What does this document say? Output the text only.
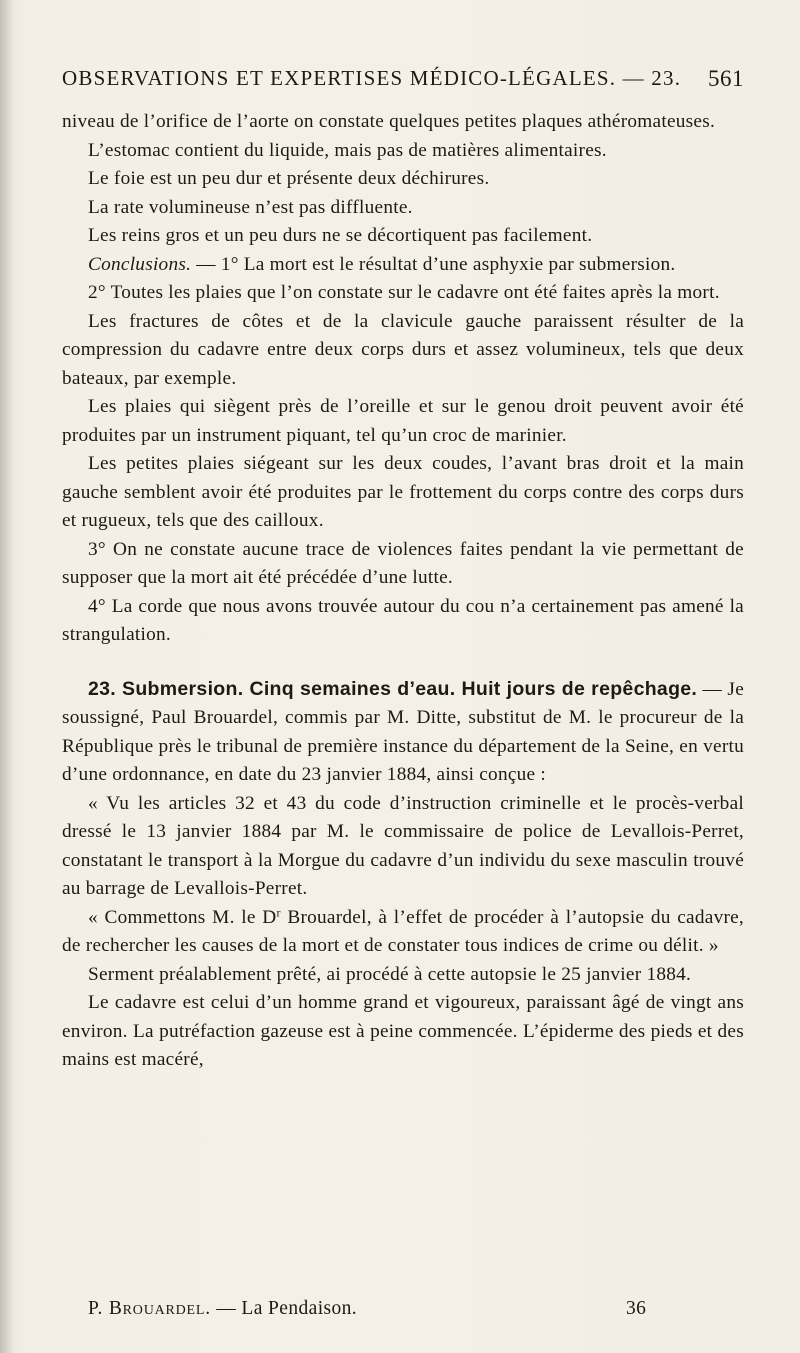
OBSERVATIONS ET EXPERTISES MÉDICO-LÉGALES. — 23. 561

niveau de l’orifice de l’aorte on constate quelques petites plaques athéromateuses.

L’estomac contient du liquide, mais pas de matières alimentaires.

Le foie est un peu dur et présente deux déchirures.

La rate volumineuse n’est pas diffluente.

Les reins gros et un peu durs ne se décortiquent pas facilement.

Conclusions. — 1° La mort est le résultat d’une asphyxie par submersion.

2° Toutes les plaies que l’on constate sur le cadavre ont été faites après la mort.

Les fractures de côtes et de la clavicule gauche paraissent résulter de la compression du cadavre entre deux corps durs et assez volumineux, tels que deux bateaux, par exemple.

Les plaies qui siègent près de l’oreille et sur le genou droit peuvent avoir été produites par un instrument piquant, tel qu’un croc de marinier.

Les petites plaies siégeant sur les deux coudes, l’avant bras droit et la main gauche semblent avoir été produites par le frottement du corps contre des corps durs et rugueux, tels que des cailloux.

3° On ne constate aucune trace de violences faites pendant la vie permettant de supposer que la mort ait été précédée d’une lutte.

4° La corde que nous avons trouvée autour du cou n’a certainement pas amené la strangulation.

23. Submersion. Cinq semaines d’eau. Huit jours de repêchage. — Je soussigné, Paul Brouardel, commis par M. Ditte, substitut de M. le procureur de la République près le tribunal de première instance du département de la Seine, en vertu d’une ordonnance, en date du 23 janvier 1884, ainsi conçue :

« Vu les articles 32 et 43 du code d’instruction criminelle et le procès-verbal dressé le 13 janvier 1884 par M. le commissaire de police de Levallois-Perret, constatant le transport à la Morgue du cadavre d’un individu du sexe masculin trouvé au barrage de Levallois-Perret.

« Commettons M. le $D^r$ Brouardel, à l’effet de procéder à l’autopsie du cadavre, de rechercher les causes de la mort et de constater tous indices de crime ou délit. »

Serment préalablement prêté, ai procédé à cette autopsie le 25 janvier 1884.

Le cadavre est celui d’un homme grand et vigoureux, paraissant âgé de vingt ans environ. La putréfaction gazeuse est à peine commencée. L’épiderme des pieds et des mains est macéré,

P. Brouardel. — La Pendaison.	36
